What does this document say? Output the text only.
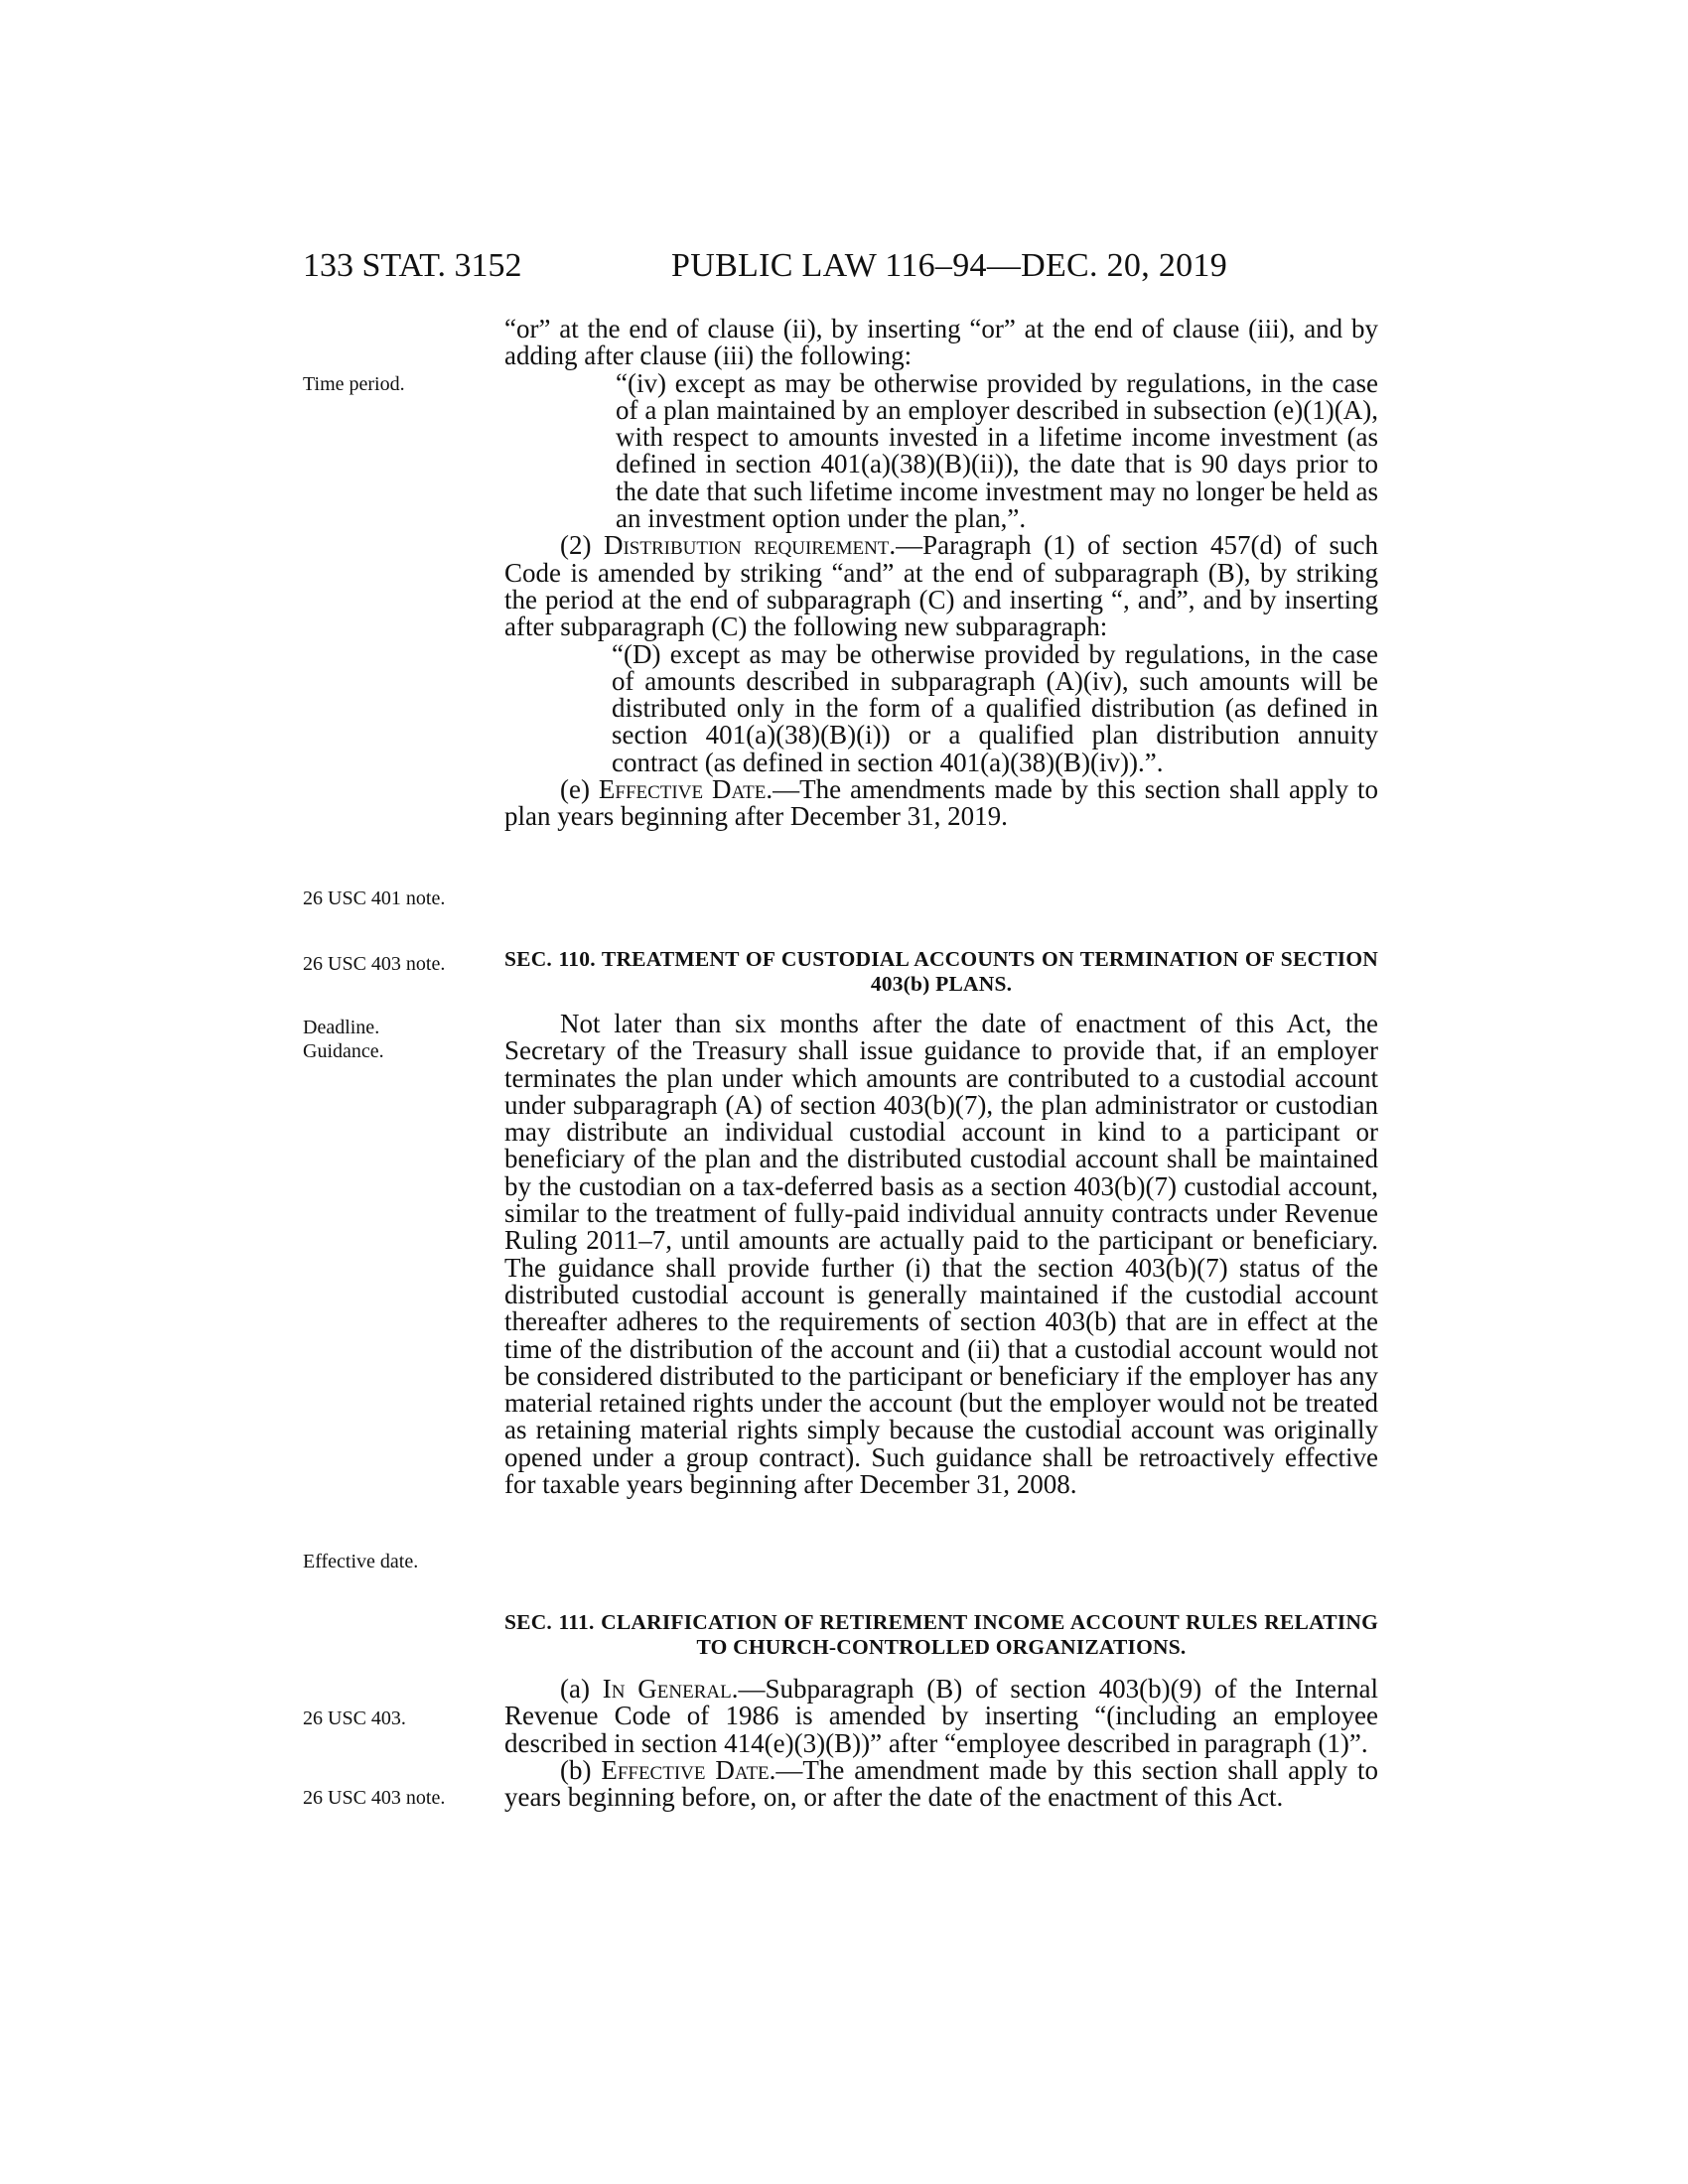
133 STAT. 3152	PUBLIC LAW 116–94—DEC. 20, 2019
Time period.
26 USC 401 note.
26 USC 403 note.
Deadline.
Guidance.
Effective date.
26 USC 403.
26 USC 403 note.

“or” at the end of clause (ii), by inserting “or” at the end of clause (iii), and by adding after clause (iii) the following:

“(iv) except as may be otherwise provided by regulations, in the case of a plan maintained by an employer described in subsection (e)(1)(A), with respect to amounts invested in a lifetime income investment (as defined in section 401(a)(38)(B)(ii)), the date that is 90 days prior to the date that such lifetime income investment may no longer be held as an investment option under the plan,”.

(2) Distribution requirement.—Paragraph (1) of section 457(d) of such Code is amended by striking “and” at the end of subparagraph (B), by striking the period at the end of subparagraph (C) and inserting “, and”, and by inserting after subparagraph (C) the following new subparagraph:

“(D) except as may be otherwise provided by regulations, in the case of amounts described in subparagraph (A)(iv), such amounts will be distributed only in the form of a qualified distribution (as defined in section 401(a)(38)(B)(i)) or a qualified plan distribution annuity contract (as defined in section 401(a)(38)(B)(iv)).”.

(e) Effective Date.—The amendments made by this section shall apply to plan years beginning after December 31, 2019.

SEC. 110. TREATMENT OF CUSTODIAL ACCOUNTS ON TERMINATION OF SECTION 403(b) PLANS.

Not later than six months after the date of enactment of this Act, the Secretary of the Treasury shall issue guidance to provide that, if an employer terminates the plan under which amounts are contributed to a custodial account under subparagraph (A) of section 403(b)(7), the plan administrator or custodian may distribute an individual custodial account in kind to a participant or beneficiary of the plan and the distributed custodial account shall be maintained by the custodian on a tax-deferred basis as a section 403(b)(7) custodial account, similar to the treatment of fully-paid individual annuity contracts under Revenue Ruling 2011–7, until amounts are actually paid to the participant or beneficiary. The guidance shall provide further (i) that the section 403(b)(7) status of the distributed custodial account is generally maintained if the custodial account thereafter adheres to the requirements of section 403(b) that are in effect at the time of the distribution of the account and (ii) that a custodial account would not be considered distributed to the participant or beneficiary if the employer has any material retained rights under the account (but the employer would not be treated as retaining material rights simply because the custodial account was originally opened under a group contract). Such guidance shall be retroactively effective for taxable years beginning after December 31, 2008.

SEC. 111. CLARIFICATION OF RETIREMENT INCOME ACCOUNT RULES RELATING TO CHURCH-CONTROLLED ORGANIZATIONS.

(a) In General.—Subparagraph (B) of section 403(b)(9) of the Internal Revenue Code of 1986 is amended by inserting “(including an employee described in section 414(e)(3)(B))” after “employee described in paragraph (1)”.

(b) Effective Date.—The amendment made by this section shall apply to years beginning before, on, or after the date of the enactment of this Act.
